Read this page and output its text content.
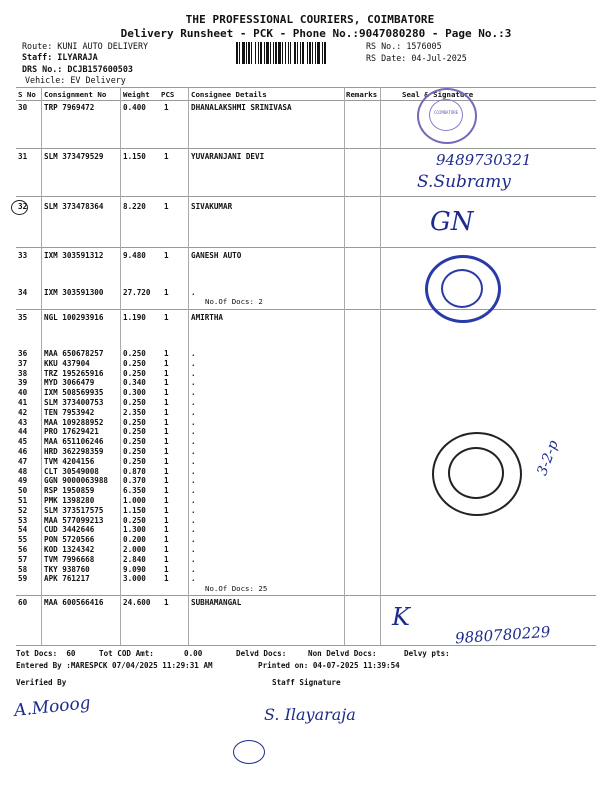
THE PROFESSIONAL COURIERS, COIMBATORE
Delivery Runsheet - PCK - Phone No.:9047080280 - Page No.:3
Route: KUNI AUTO DELIVERY
Staff: ILYARAJA
DRS No.: DCJB157600503
Vehicle: EV Delivery
RS No.: 1576005
RS Date: 04-Jul-2025
S No Consignment No Weight PCS Consignee Details	Remarks	Seal & Signature
30 TRP 7969472	0.400 1	DHANALAKSHMI SRINIVASA
31 SLM 373479529	1.150 1	YUVARANJANI DEVI
32 SLM 373478364	8.220 1	SIVAKUMAR
33 IXM 303591312	9.480 1	GANESH AUTO
34 IXM 303591300	27.720 1	.
35 NGL 100293916	1.190 1	AMIRTHA
36 MAA 650678257	0.250 1	.
37 KKU 437904	0.250 1	.
38 TRZ 195265916	0.250 1	.
39 MYD 3066479	0.340 1	.
40 IXM 508569935	0.300 1	.
41 SLM 373400753	0.250 1	.
42 TEN 7953942	2.350 1	.
43 MAA 109288952	0.250 1	.
44 PRO 17629421	0.250 1	.
45 MAA 651106246	0.250 1	.
46 HRD 362298359	0.250 1	.
47 TVM 4204156	0.250 1	.
48 CLT 30549008	0.870 1	.
49 GGN 9000063988 0.370 1	.
50 RSP 1950859	6.350 1	.
51 PMK 1398280	1.000 1	.
52 SLM 373517575	1.150 1	.
53 MAA 577099213	0.250 1	.
54 CUD 3442646	1.300 1	.
55 PON 5720566	0.200 1	.
56 KOD 1324342	2.000 1	.
57 TVM 7996668	2.840 1	.
58 TKY 938760	9.090 1	.
59 APK 761217	3.000 1	.
60 MAA 600566416	24.600 1	SUBHAMANGAL
No.Of Docs: 2
No.Of Docs: 25
COIMBATORE
9489730321
S.Subramy
GN
3-2-p
K
9880780229
Tot Docs: 60	Tot COD Amt:	0.00	Delvd Docs:	Non Delvd Docs:	Delvy pts:
Entered By :MARESPCK 07/04/2025 11:29:31 AM	Printed on: 04-07-2025 11:39:54
Verified By	Staff Signature
A.Mooog	S. Ilayaraja
